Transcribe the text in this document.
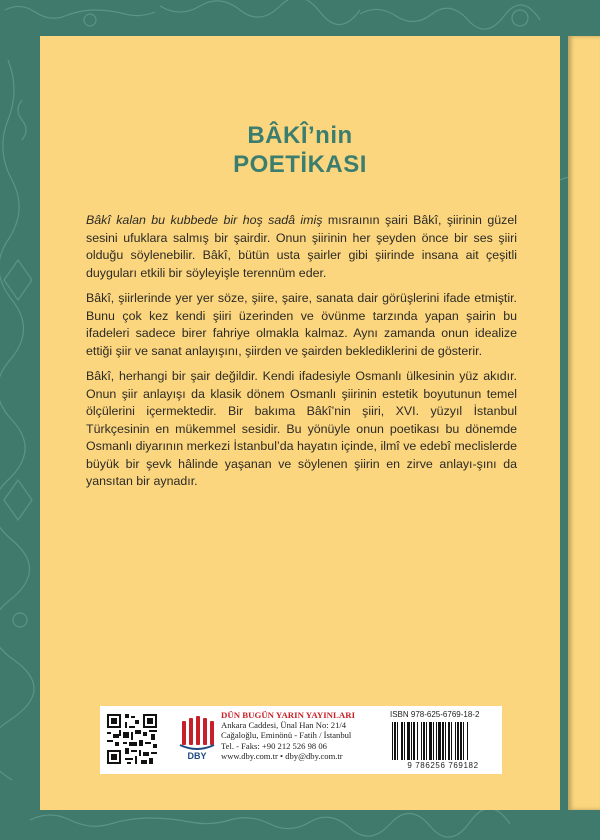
BÂKÎ’nin
POETİKASI

Bâkî kalan bu kubbede bir hoş sadâ imiş mısraının şairi Bâkî, şiirinin güzel sesini ufuklara salmış bir şairdir. Onun şiirinin her şeyden önce bir ses şiiri olduğu söylenebilir. Bâkî, bütün usta şairler gibi şiirinde insana ait çeşitli duyguları etkili bir söyleyişle terennüm eder.

Bâkî, şiirlerinde yer yer söze, şiire, şaire, sanata dair görüşlerini ifade etmiştir. Bunu çok kez kendi şiiri üzerinden ve övünme tarzında yapan şairin bu ifadeleri sadece birer fahriye olmakla kalmaz. Aynı zamanda onun idealize ettiği şiir ve sanat anlayışını, şiirden ve şairden beklediklerini de gösterir.

Bâkî, herhangi bir şair değildir. Kendi ifadesiyle Osmanlı ülkesinin yüz akıdır. Onun şiir anlayışı da klasik dönem Osmanlı şiirinin estetik boyutunun temel ölçülerini içermektedir. Bir bakıma Bâkî’nin şiiri, XVI. yüzyıl İstanbul Türkçesinin en mükemmel sesidir. Bu yönüyle onun poetikası bu dönemde Osmanlı diyarının merkezi İstanbul’da hayatın içinde, ilmî ve edebî meclislerde büyük bir şevk hâlinde yaşanan ve söylenen şiirin en zirve anlayı-şını da yansıtan bir aynadır.

DBY
DÜN BUGÜN YARIN YAYINLARI
Ankara Caddesi, Ünal Han No: 21/4
Cağaloğlu, Eminönü - Fatih / İstanbul
Tel. - Faks: +90 212 526 98 06
www.dby.com.tr • dby@dby.com.tr
ISBN 978-625-6769-18-2
9 786256 769182
